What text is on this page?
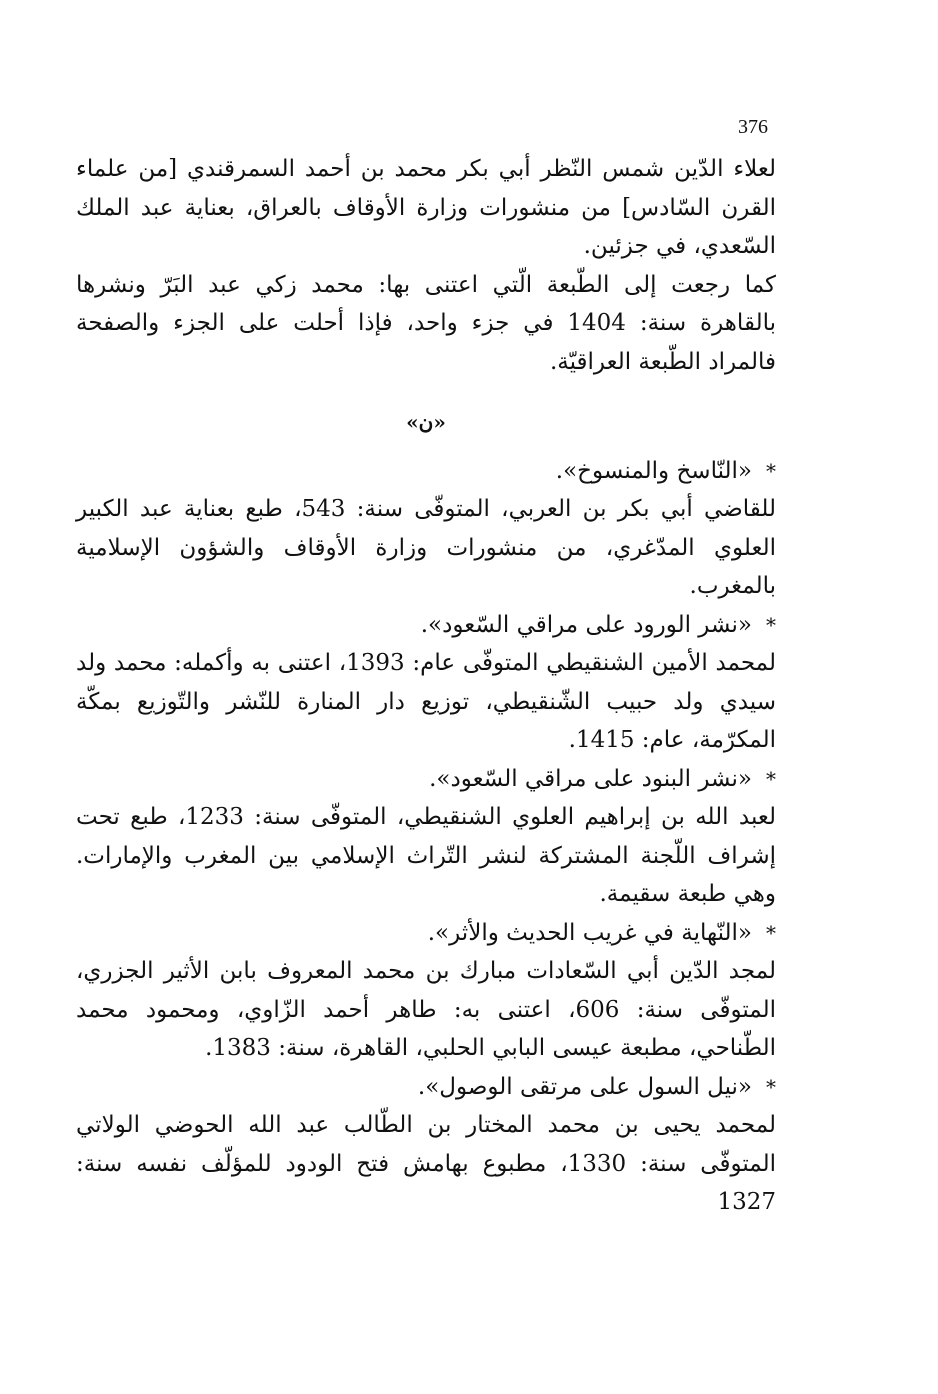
376

لعلاء الدّين شمس النّظر أبي بكر محمد بن أحمد السمرقندي [من علماء القرن السّادس] من منشورات وزارة الأوقاف بالعراق، بعناية عبد الملك السّعدي، في جزئين.

كما رجعت إلى الطّبعة الّتي اعتنى بها: محمد زكي عبد البَرّ ونشرها بالقاهرة سنة: 1404 في جزء واحد، فإذا أحلت على الجزء والصفحة فالمراد الطّبعة العراقيّة.

«ن»

*«النّاسخ والمنسوخ».

للقاضي أبي بكر بن العربي، المتوفّى سنة: 543، طبع بعناية عبد الكبير العلوي المدّغري، من منشورات وزارة الأوقاف والشؤون الإسلامية بالمغرب.

*«نشر الورود على مراقي السّعود».

لمحمد الأمين الشنقيطي المتوفّى عام: 1393، اعتنى به وأكمله: محمد ولد سيدي ولد حبيب الشّنقيطي، توزيع دار المنارة للنّشر والتّوزيع بمكّة المكرّمة، عام: 1415.

*«نشر البنود على مراقي السّعود».

لعبد الله بن إبراهيم العلوي الشنقيطي، المتوفّى سنة: 1233، طبع تحت إشراف اللّجنة المشتركة لنشر التّراث الإسلامي بين المغرب والإمارات. وهي طبعة سقيمة.

*«النّهاية في غريب الحديث والأثر».

لمجد الدّين أبي السّعادات مبارك بن محمد المعروف بابن الأثير الجزري، المتوفّى سنة: 606، اعتنى به: طاهر أحمد الزّاوي، ومحمود محمد الطّناحي، مطبعة عيسى البابي الحلبي، القاهرة، سنة: 1383.

*«نيل السول على مرتقى الوصول».

لمحمد يحيى بن محمد المختار بن الطّالب عبد الله الحوضي الولاتي المتوفّى سنة: 1330، مطبوع بهامش فتح الودود للمؤلّف نفسه سنة: 1327
